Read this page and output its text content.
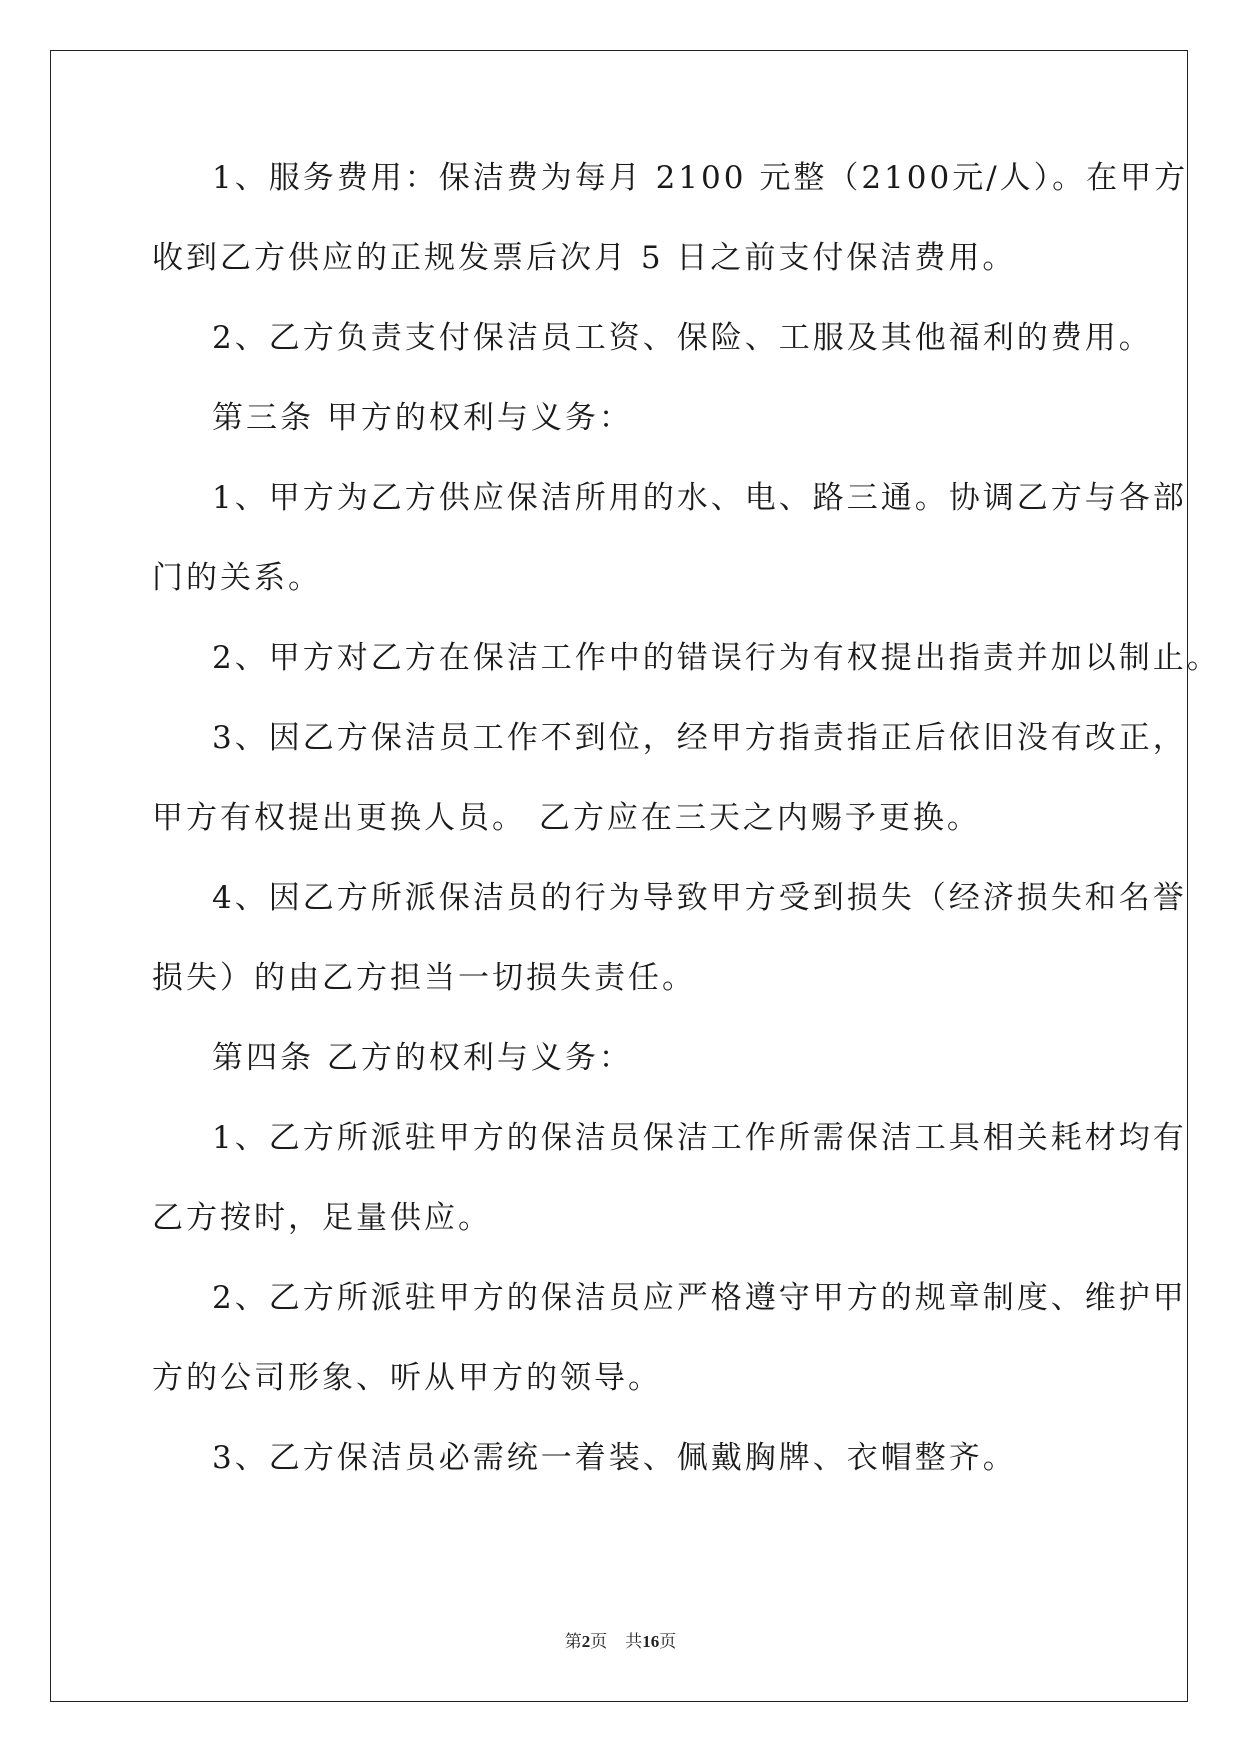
1、服务费用：保洁费为每月 2100 元整（2100元/人）。在甲方
收到乙方供应的正规发票后次月 5 日之前支付保洁费用。
2、乙方负责支付保洁员工资、保险、工服及其他福利的费用。
第三条 甲方的权利与义务：
1、甲方为乙方供应保洁所用的水、电、路三通。协调乙方与各部
门的关系。
2、甲方对乙方在保洁工作中的错误行为有权提出指责并加以制止。
3、因乙方保洁员工作不到位，经甲方指责指正后依旧没有改正，
甲方有权提出更换人员。 乙方应在三天之内赐予更换。
4、因乙方所派保洁员的行为导致甲方受到损失（经济损失和名誉
损失）的由乙方担当一切损失责任。
第四条 乙方的权利与义务：
1、乙方所派驻甲方的保洁员保洁工作所需保洁工具相关耗材均有
乙方按时，足量供应。
2、乙方所派驻甲方的保洁员应严格遵守甲方的规章制度、维护甲
方的公司形象、听从甲方的领导。
3、乙方保洁员必需统一着装、佩戴胸牌、衣帽整齐。
第2页 共16页
